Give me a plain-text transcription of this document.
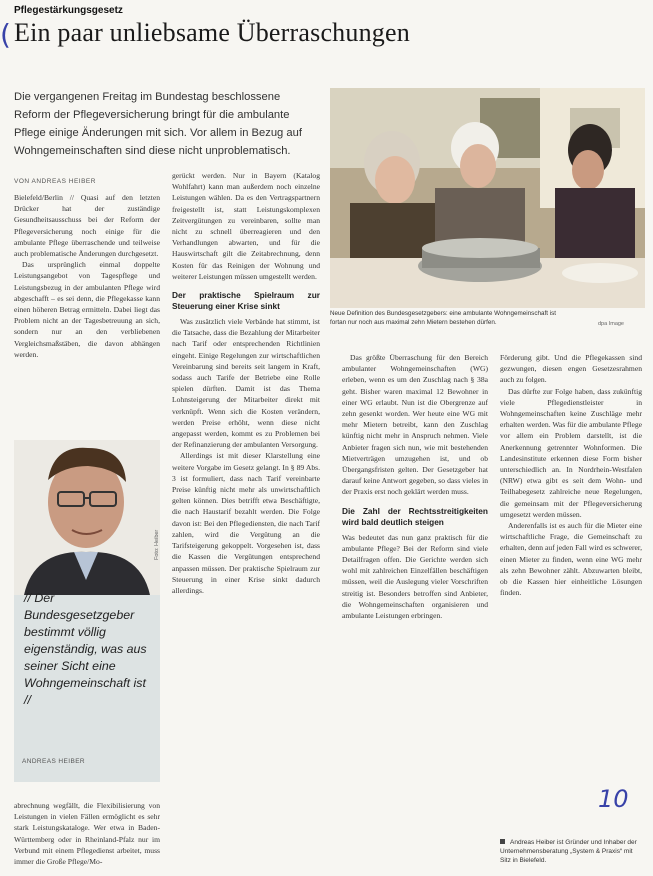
(
Pflegestärkungsgesetz
Ein paar unliebsame Überraschungen
Die vergangenen Freitag im Bundestag beschlossene Reform der Pflegeversicherung bringt für die ambulante Pflege einige Änderungen mit sich. Vor allem in Bezug auf Wohngemeinschaften sind diese nicht unproblematisch.
VON ANDREAS HEIBER
Neue Definition des Bundesgesetzgebers: eine ambulante Wohngemeinschaft ist fortan nur noch aus maximal zehn Mietern bestehen dürfen.	dpa Image

Bielefeld/Berlin // Quasi auf den letzten Drücker hat der zuständige Gesundheitsausschuss bei der Reform der Pflegeversicherung noch einige für die ambulante Pflege überraschende und teilweise auch problematische Änderungen durchgesetzt.

Das ursprünglich einmal doppelte Leistungsangebot von Tagespflege und Leistungsbezug in der ambulanten Pflege wird abgeschafft – es sei denn, die Pflegekasse kann einen höheren Betrag ermitteln. Dabei liegt das Problem nicht an der Tagesbetreuung an sich, sondern nur an den verbliebenen Vergleichsmaßstäben, die davon abhängen werden.

Foto: Heiber
// Der Bundesgesetzgeber bestimmt völlig eigenständig, was aus seiner Sicht eine Wohngemeinschaft ist //
ANDREAS HEIBER

abrechnung wegfällt, die Flexibilisierung von Leistungen in vielen Fällen ermöglicht es sehr stark Leistungskataloge. Wer etwa in Baden-Württemberg oder in Rheinland-Pfalz nur im Verbund mit einem Pflegedienst arbeitet, muss immer die Große Pflege/Mo-

gerückt werden. Nur in Bayern (Katalog Wohlfahrt) kann man außerdem noch einzelne Leistungen wählen. Da es den Vertragspartnern freigestellt ist, statt Leistungskomplexen Zeitvergütungen zu vereinbaren, sollte man nicht zu schnell überreagieren und den Verhandlungen abwarten, und für die Hauswirtschaft gilt die Zeitabrechnung, denn Kosten für das Reinigen der Wohnung und weiterer Leistungen müssen umgestellt werden.

Der praktische Spielraum zur Steuerung einer Krise sinkt

Was zusätzlich viele Verbände hat stimmt, ist die Tatsache, dass die Bezahlung der Mitarbeiter nach Tarif oder entsprechenden Richtlinien eingeht. Einige Regelungen zur wirtschaftlichen Vereinbarung sind bereits seit langem in Kraft, sodass auch Tarife der Betriebe eine Rolle spielen dürften. Damit ist das Thema Lohnsteigerung der Mitarbeiter direkt mit verknüpft. Wenn sich die Kosten verändern, werden Preise erhöht, wenn diese nicht angepasst werden, kommt es zu Problemen bei der Refinanzierung der ambulanten Versorgung.

Allerdings ist mit dieser Klarstellung eine weitere Vorgabe im Gesetz gelangt. In § 89 Abs. 3 ist formuliert, dass nach Tarif vereinbarte Preise künftig nicht mehr als unwirtschaftlich gelten können. Dies betrifft etwa Beschäftigte, die nach Haustarif bezahlt werden. Die Folge davon ist: Bei den Pflegediensten, die nach Tarif zahlen, wird die Vergütung an die Tarifsteigerung gekoppelt. Vorgesehen ist, dass die Kassen die Vergütungen entsprechend anpassen müssen. Der praktische Spielraum zur Steuerung in einer Krise sinkt dadurch allerdings.

Das größte Überraschung für den Bereich ambulanter Wohngemeinschaften (WG) erleben, wenn es um den Zuschlag nach § 38a geht. Bisher waren maximal 12 Bewohner in einer WG erlaubt. Nun ist die Obergrenze auf zehn gesenkt worden. Wer heute eine WG mit mehr Mietern betreibt, kann den Zuschlag künftig nicht mehr in Anspruch nehmen. Viele Anbieter fragen sich nun, wie mit bestehenden Mietverträgen umzugehen ist, und ob Übergangsfristen gelten. Der Gesetzgeber hat darauf keine Antwort gegeben, so dass vieles in der Praxis erst noch geklärt werden muss.

Die Zahl der Rechtsstreitigkeiten wird bald deutlich steigen

Was bedeutet das nun ganz praktisch für die ambulante Pflege? Bei der Reform sind viele Detailfragen offen. Die Gerichte werden sich wohl mit zahlreichen Einzelfällen beschäftigen müssen, weil die Auslegung vieler Vorschriften streitig ist. Besonders betroffen sind Anbieter, die Wohngemeinschaften organisieren und ambulante Leistungen erbringen.

Förderung gibt. Und die Pflegekassen sind gezwungen, diesen engen Gesetzesrahmen auch zu folgen.

Das dürfte zur Folge haben, dass zukünftig viele Pflegedienstleister in Wohngemeinschaften keine Zuschläge mehr erhalten werden. Was für die ambulante Pflege vor allem ein Problem darstellt, ist die Anerkennung getrennter Wohnformen. Die Landesinstitute erkennen diese Form bisher unterschiedlich an. In Nordrhein-Westfalen (NRW) etwa gibt es seit dem Wohn- und Teilhabegesetz zahlreiche neue Regelungen, die gemeinsam mit der Pflegeversicherung umgesetzt werden müssen.

Anderenfalls ist es auch für die Mieter eine wirtschaftliche Frage, die Gemeinschaft zu erhalten, denn auf jeden Fall wird es schwerer, einen Mieter zu finden, wenn eine WG mehr als zehn Bewohner zählt. Abzuwarten bleibt, ob die Kassen hier einheitliche Lösungen finden.

10
Andreas Heiber ist Gründer und Inhaber der Unternehmensberatung „System & Praxis“ mit Sitz in Bielefeld.
